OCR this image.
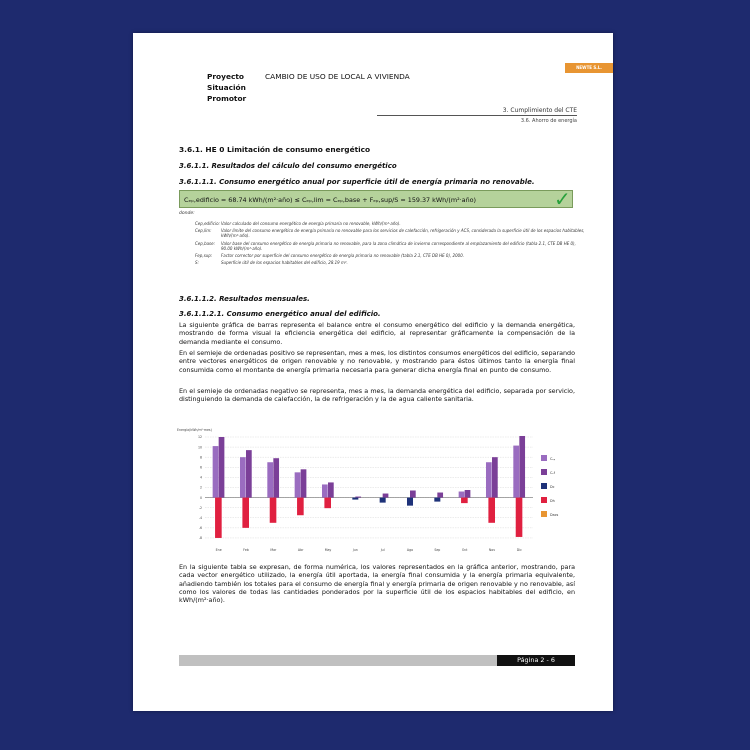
NEWTE S.L.
Proyecto	CAMBIO DE USO DE LOCAL A VIVIENDA
Situación
Promotor
3. Cumplimiento del CTE
3.6. Ahorro de energía
3.6.1. HE 0 Limitación de consumo energético
3.6.1.1. Resultados del cálculo del consumo energético
3.6.1.1.1. Consumo energético anual por superficie útil de energía primaria no renovable.
Cₑₚ,edificio = 68.74 kWh/(m²·año) ≤ Cₑₚ,lim = Cₑₚ,base + Fₑₚ,sup/S = 159.37 kWh/(m²·año)	✓
donde:
Cep,edificio: Valor calculado del consumo energético de energía primaria no renovable, kWh/(m²·año).
Cep,lim:	Valor límite del consumo energético de energía primaria no renovable para los servicios de calefacción, refrigeración y ACS, considerada la superficie útil de los espacios habitables, kWh/(m²·año).
Cep,base:	Valor base del consumo energético de energía primaria no renovable, para la zona climática de invierno correspondiente al emplazamiento del edificio (tabla 2.1, CTE DB HE 0), 90.00 kWh/(m²·año).
Fep,sup:	Factor corrector por superficie del consumo energético de energía primaria no renovable (tabla 2.1, CTE DB HE 0), 2000.
S:	Superficie útil de los espacios habitables del edificio, 28.19 m².
3.6.1.1.2. Resultados mensuales.
3.6.1.1.2.1. Consumo energético anual del edificio.
La siguiente gráfica de barras representa el balance entre el consumo energético del edificio y la demanda energética, mostrando de forma visual la eficiencia energética del edificio, al representar gráficamente la compensación de la demanda mediante el consumo.
En el semieje de ordenadas positivo se representan, mes a mes, los distintos consumos energéticos del edificio, separando entre vectores energéticos de origen renovable y no renovable, y mostrando para éstos últimos tanto la energía final consumida como el montante de energía primaria necesaria para generar dicha energía final en punto de consumo.
En el semieje de ordenadas negativo se representa, mes a mes, la demanda energética del edificio, separada por servicio, distinguiendo la demanda de calefacción, la de refrigeración y la de agua caliente sanitaria.
Energía(kWh/m²·mes)
12
10
8
6
4
2
0
-2
-4
-6
-8
Ene	Feb	Mar	Abr	May	Jun	Jul	Ago	Sep	Oct	Nov	Dic
Cₑₚ
Cₑf
Dc
Dh
Dacs
En la siguiente tabla se expresan, de forma numérica, los valores representados en la gráfica anterior, mostrando, para cada vector energético utilizado, la energía útil aportada, la energía final consumida y la energía primaria equivalente, añadiendo también los totales para el consumo de energía final y energía primaria de origen renovable y no renovable, así como los valores de todas las cantidades ponderados por la superficie útil de los espacios habitables del edificio, en kWh/(m²·año).
Página 2 - 6
